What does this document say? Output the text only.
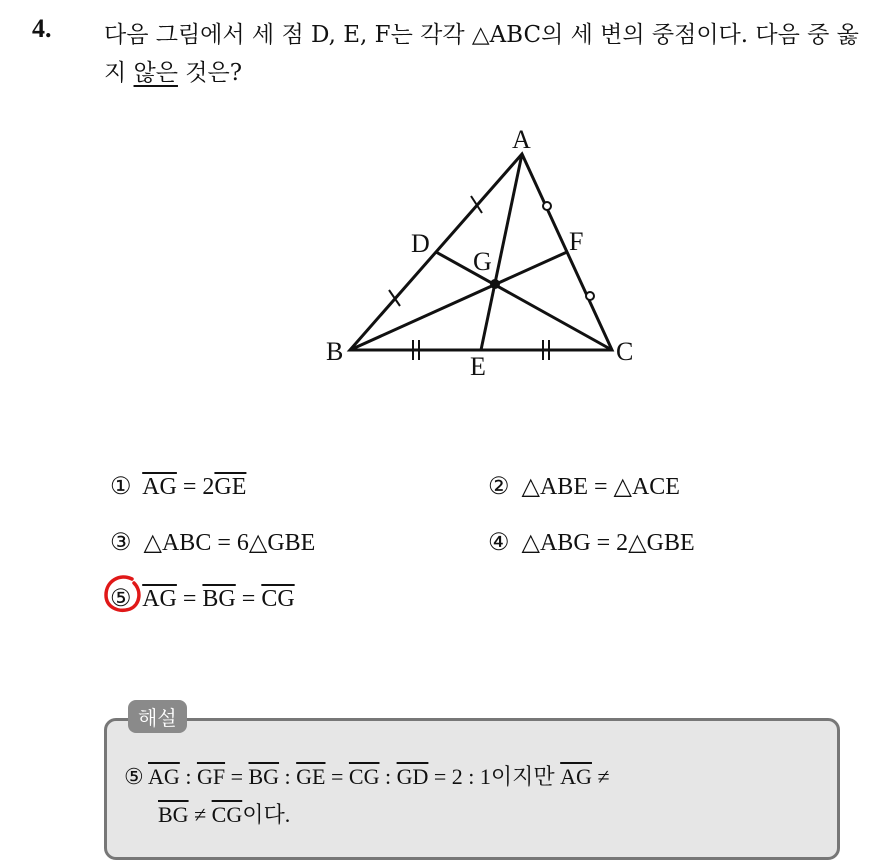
4. 다음 그림에서 세 점 D, E, F는 각각 △ABC의 세 변의 중점이다. 다음 중 옳지 않은 것은?
A
B	C
D
E
F
G
① $\overline{AG} = 2\overline{GE}$	② △ABE = △ACE
③ △ABC = 6△GBE	④ △ABG = 2△GBE
⑤ $\overline{AG} = \overline{BG} = \overline{CG}$
해설
⑤ $\overline{AG}$ : $\overline{GF} = \overline{BG}$ : $\overline{GE} = \overline{CG}$ : $\overline{GD} = 2$ : 1이지만 $\overline{AG}$ ≠
$\overline{BG} \ne \overline{CG}$이다.
